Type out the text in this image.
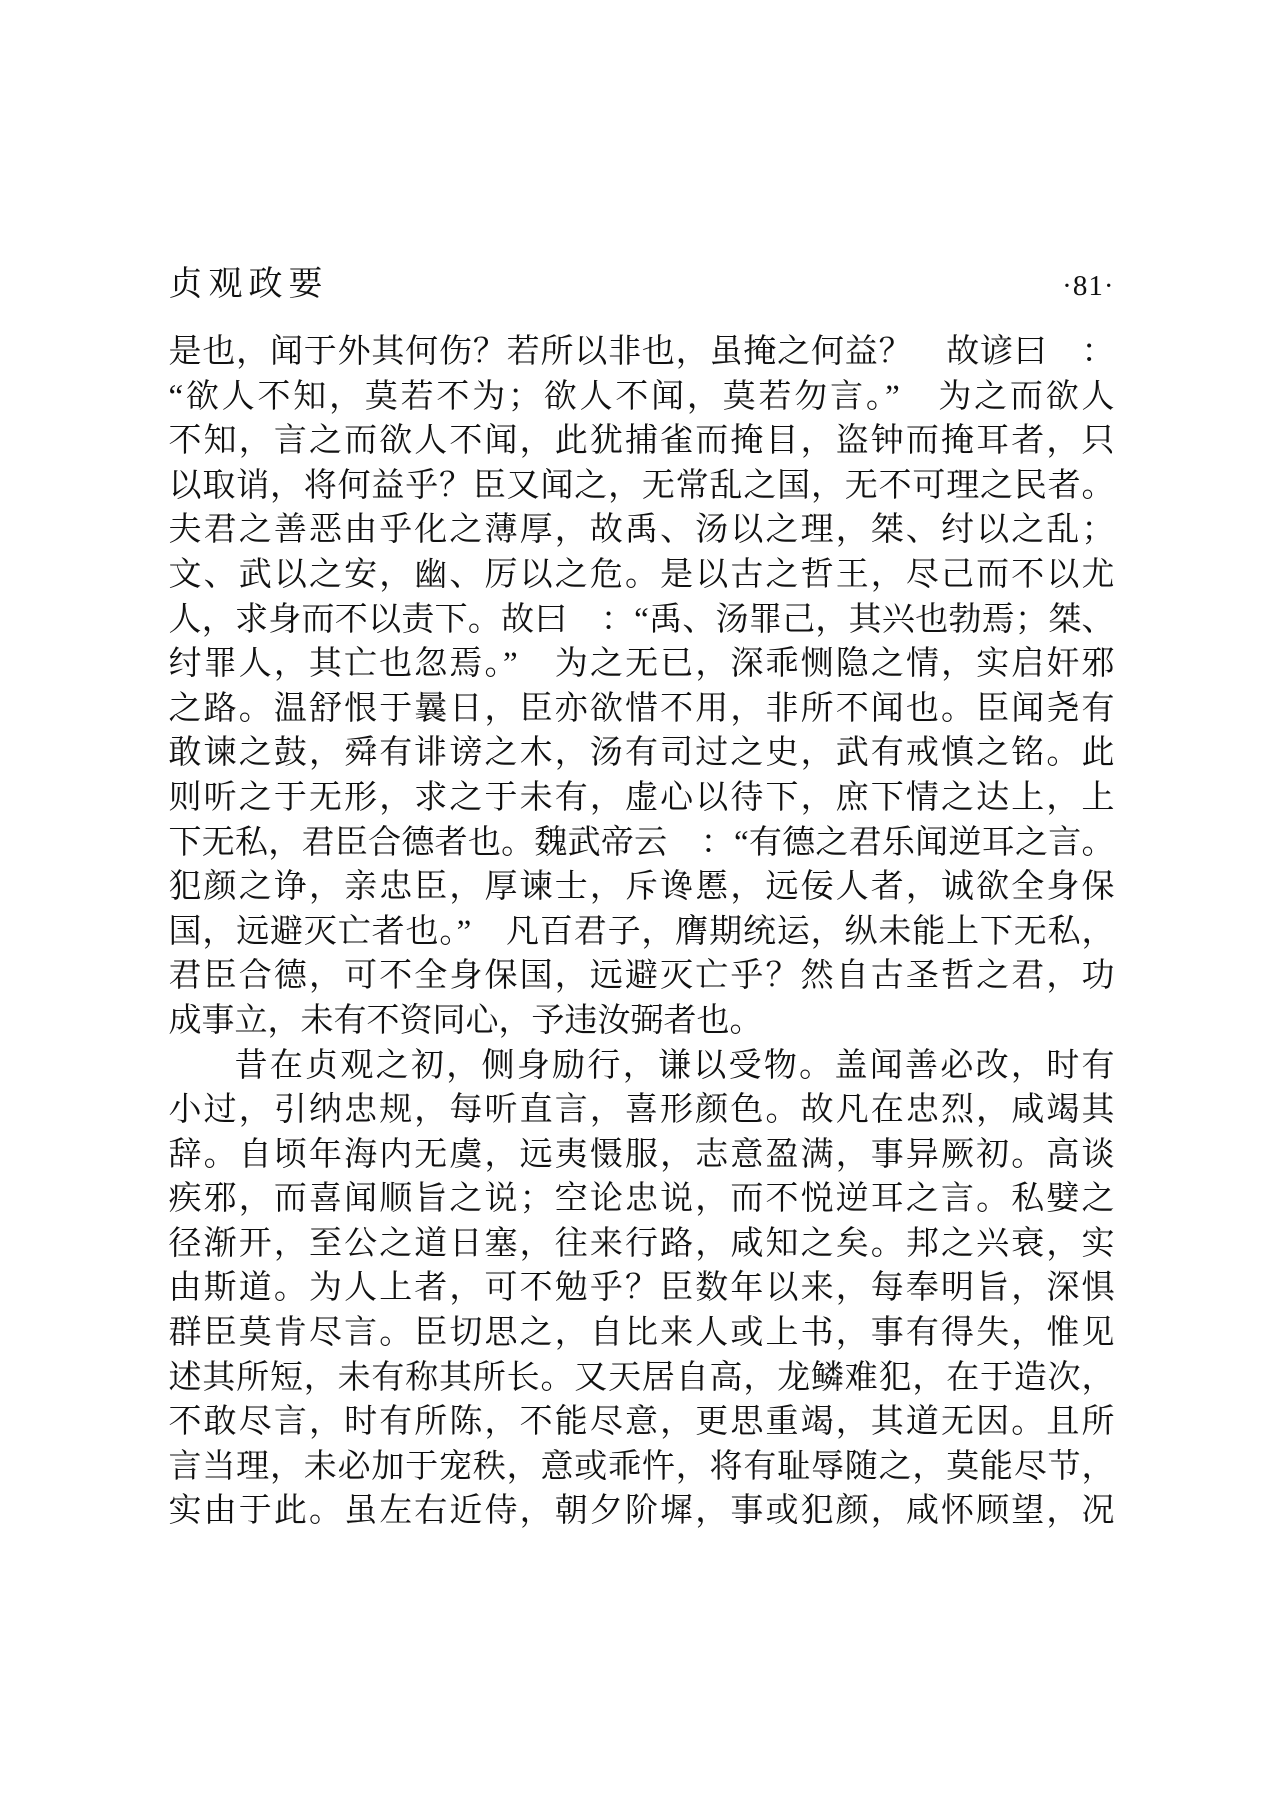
贞观政要	·81·
是也，闻于外其何伤？若所以非也，虽掩之何益？　故谚曰　：
“欲人不知，莫若不为；欲人不闻，莫若勿言。”　为之而欲人
不知，言之而欲人不闻，此犹捕雀而掩目，盗钟而掩耳者，只
以取诮，将何益乎？臣又闻之，无常乱之国，无不可理之民者。
夫君之善恶由乎化之薄厚，故禹、汤以之理，桀、纣以之乱；
文、武以之安，幽、厉以之危。是以古之哲王，尽己而不以尤
人，求身而不以责下。故曰　：“禹、汤罪己，其兴也勃焉；桀、
纣罪人，其亡也忽焉。”　为之无已，深乖恻隐之情，实启奸邪
之路。温舒恨于曩日，臣亦欲惜不用，非所不闻也。臣闻尧有
敢谏之鼓，舜有诽谤之木，汤有司过之史，武有戒慎之铭。此
则听之于无形，求之于未有，虚心以待下，庶下情之达上，上
下无私，君臣合德者也。魏武帝云　：“有德之君乐闻逆耳之言。
犯颜之诤，亲忠臣，厚谏士，斥谗慝，远佞人者，诚欲全身保
国，远避灭亡者也。”　凡百君子，膺期统运，纵未能上下无私，
君臣合德，可不全身保国，远避灭亡乎？然自古圣哲之君，功
成事立，未有不资同心，予违汝弼者也。
昔在贞观之初，侧身励行，谦以受物。盖闻善必改，时有
小过，引纳忠规，每听直言，喜形颜色。故凡在忠烈，咸竭其
辞。自顷年海内无虞，远夷慑服，志意盈满，事异厥初。高谈
疾邪，而喜闻顺旨之说；空论忠说，而不悦逆耳之言。私嬖之
径渐开，至公之道日塞，往来行路，咸知之矣。邦之兴衰，实
由斯道。为人上者，可不勉乎？臣数年以来，每奉明旨，深惧
群臣莫肯尽言。臣切思之，自比来人或上书，事有得失，惟见
述其所短，未有称其所长。又天居自高，龙鳞难犯，在于造次，
不敢尽言，时有所陈，不能尽意，更思重竭，其道无因。且所
言当理，未必加于宠秩，意或乖忤，将有耻辱随之，莫能尽节，
实由于此。虽左右近侍，朝夕阶墀，事或犯颜，咸怀顾望，况
